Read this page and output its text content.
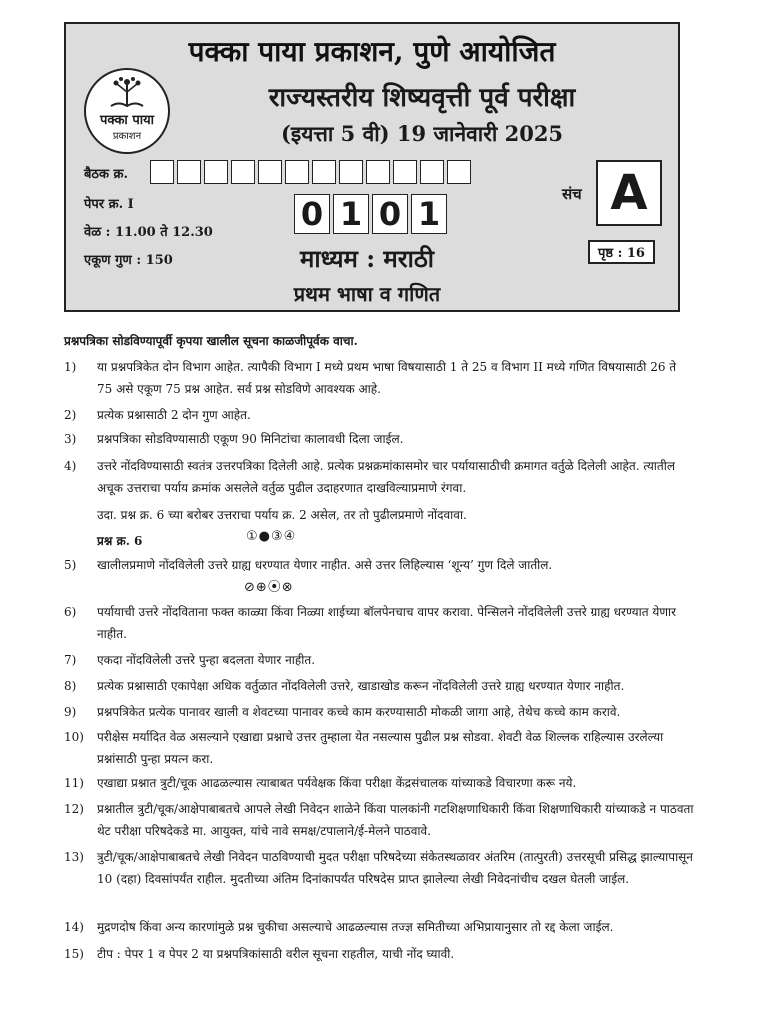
पक्का पाया प्रकाशन, पुणे आयोजित
पक्का पाया
प्रकाशन
राज्यस्तरीय शिष्यवृत्ती पूर्व परीक्षा
(इयत्ता 5 वी) 19 जानेवारी 2025
बैठक क्र.
पेपर क्र. I
वेळ : 11.00 ते 12.30
एकूण गुण : 150
0 1 0 1
माध्यम : मराठी
प्रथम भाषा व गणित
संच A
पृष्ठ : 16
प्रश्नपत्रिका सोडविण्यापूर्वी कृपया खालील सूचना काळजीपूर्वक वाचा.
1)	या प्रश्नपत्रिकेत दोन विभाग आहेत. त्यापैकी विभाग I मध्ये प्रथम भाषा विषयासाठी 1 ते 25 व विभाग II मध्ये गणित विषयासाठी 26 ते 75 असे एकूण 75 प्रश्न आहेत. सर्व प्रश्न सोडविणे आवश्यक आहे.
2)	प्रत्येक प्रश्नासाठी 2 दोन गुण आहेत.
3)	प्रश्नपत्रिका सोडविण्यासाठी एकूण 90 मिनिटांचा कालावधी दिला जाईल.
4)	उत्तरे नोंदविण्यासाठी स्वतंत्र उत्तरपत्रिका दिलेली आहे. प्रत्येक प्रश्नक्रमांकासमोर चार पर्यायासाठीची क्रमागत वर्तुळे दिलेली आहेत. त्यातील अचूक उत्तराचा पर्याय क्रमांक असलेले वर्तुळ पुढील उदाहरणात दाखविल्याप्रमाणे रंगवा.
उदा. प्रश्न क्र. 6 च्या बरोबर उत्तराचा पर्याय क्र. 2 असेल, तर तो पुढीलप्रमाणे नोंदवावा.
प्रश्न क्र. 6	①●③④
5)	खालीलप्रमाणे नोंदविलेली उत्तरे ग्राह्य धरण्यात येणार नाहीत. असे उत्तर लिहिल्यास ‘शून्य’ गुण दिले जातील.
⊘⊕⦿⊗
6)	पर्यायाची उत्तरे नोंदविताना फक्त काळ्या किंवा निळ्या शाईच्या बॉलपेनचाच वापर करावा. पेन्सिलने नोंदविलेली उत्तरे ग्राह्य धरण्यात येणार नाहीत.
7)	एकदा नोंदविलेली उत्तरे पुन्हा बदलता येणार नाहीत.
8)	प्रत्येक प्रश्नासाठी एकापेक्षा अधिक वर्तुळात नोंदविलेली उत्तरे, खाडाखोड करून नोंदविलेली उत्तरे ग्राह्य धरण्यात येणार नाहीत.
9)	प्रश्नपत्रिकेत प्रत्येक पानावर खाली व शेवटच्या पानावर कच्चे काम करण्यासाठी मोकळी जागा आहे, तेथेच कच्चे काम करावे.
10)	परीक्षेस मर्यादित वेळ असल्याने एखाद्या प्रश्नाचे उत्तर तुम्हाला येत नसल्यास पुढील प्रश्न सोडवा. शेवटी वेळ शिल्लक राहिल्यास उरलेल्या प्रश्नांसाठी पुन्हा प्रयत्न करा.
11)	एखाद्या प्रश्नात त्रुटी/चूक आढळल्यास त्याबाबत पर्यवेक्षक किंवा परीक्षा केंद्रसंचालक यांच्याकडे विचारणा करू नये.
12)	प्रश्नातील त्रुटी/चूक/आक्षेपाबाबतचे आपले लेखी निवेदन शाळेने किंवा पालकांनी गटशिक्षणाधिकारी किंवा शिक्षणाधिकारी यांच्याकडे न पाठवता थेट परीक्षा परिषदेकडे मा. आयुक्त, यांचे नावे समक्ष/टपालाने/ई-मेलने पाठवावे.
13)	त्रुटी/चूक/आक्षेपाबाबतचे लेखी निवेदन पाठविण्याची मुदत परीक्षा परिषदेच्या संकेतस्थळावर अंतरिम (तात्पुरती) उत्तरसूची प्रसिद्ध झाल्यापासून 10 (दहा) दिवसांपर्यंत राहील. मुदतीच्या अंतिम दिनांकापर्यंत परिषदेस प्राप्त झालेल्या लेखी निवेदनांचीच दखल घेतली जाईल.
14)	मुद्रणदोष किंवा अन्य कारणांमुळे प्रश्न चुकीचा असल्याचे आढळल्यास तज्ज्ञ समितीच्या अभिप्रायानुसार तो रद्द केला जाईल.
15)	टीप : पेपर 1 व पेपर 2 या प्रश्नपत्रिकांसाठी वरील सूचना राहतील, याची नोंद घ्यावी.
